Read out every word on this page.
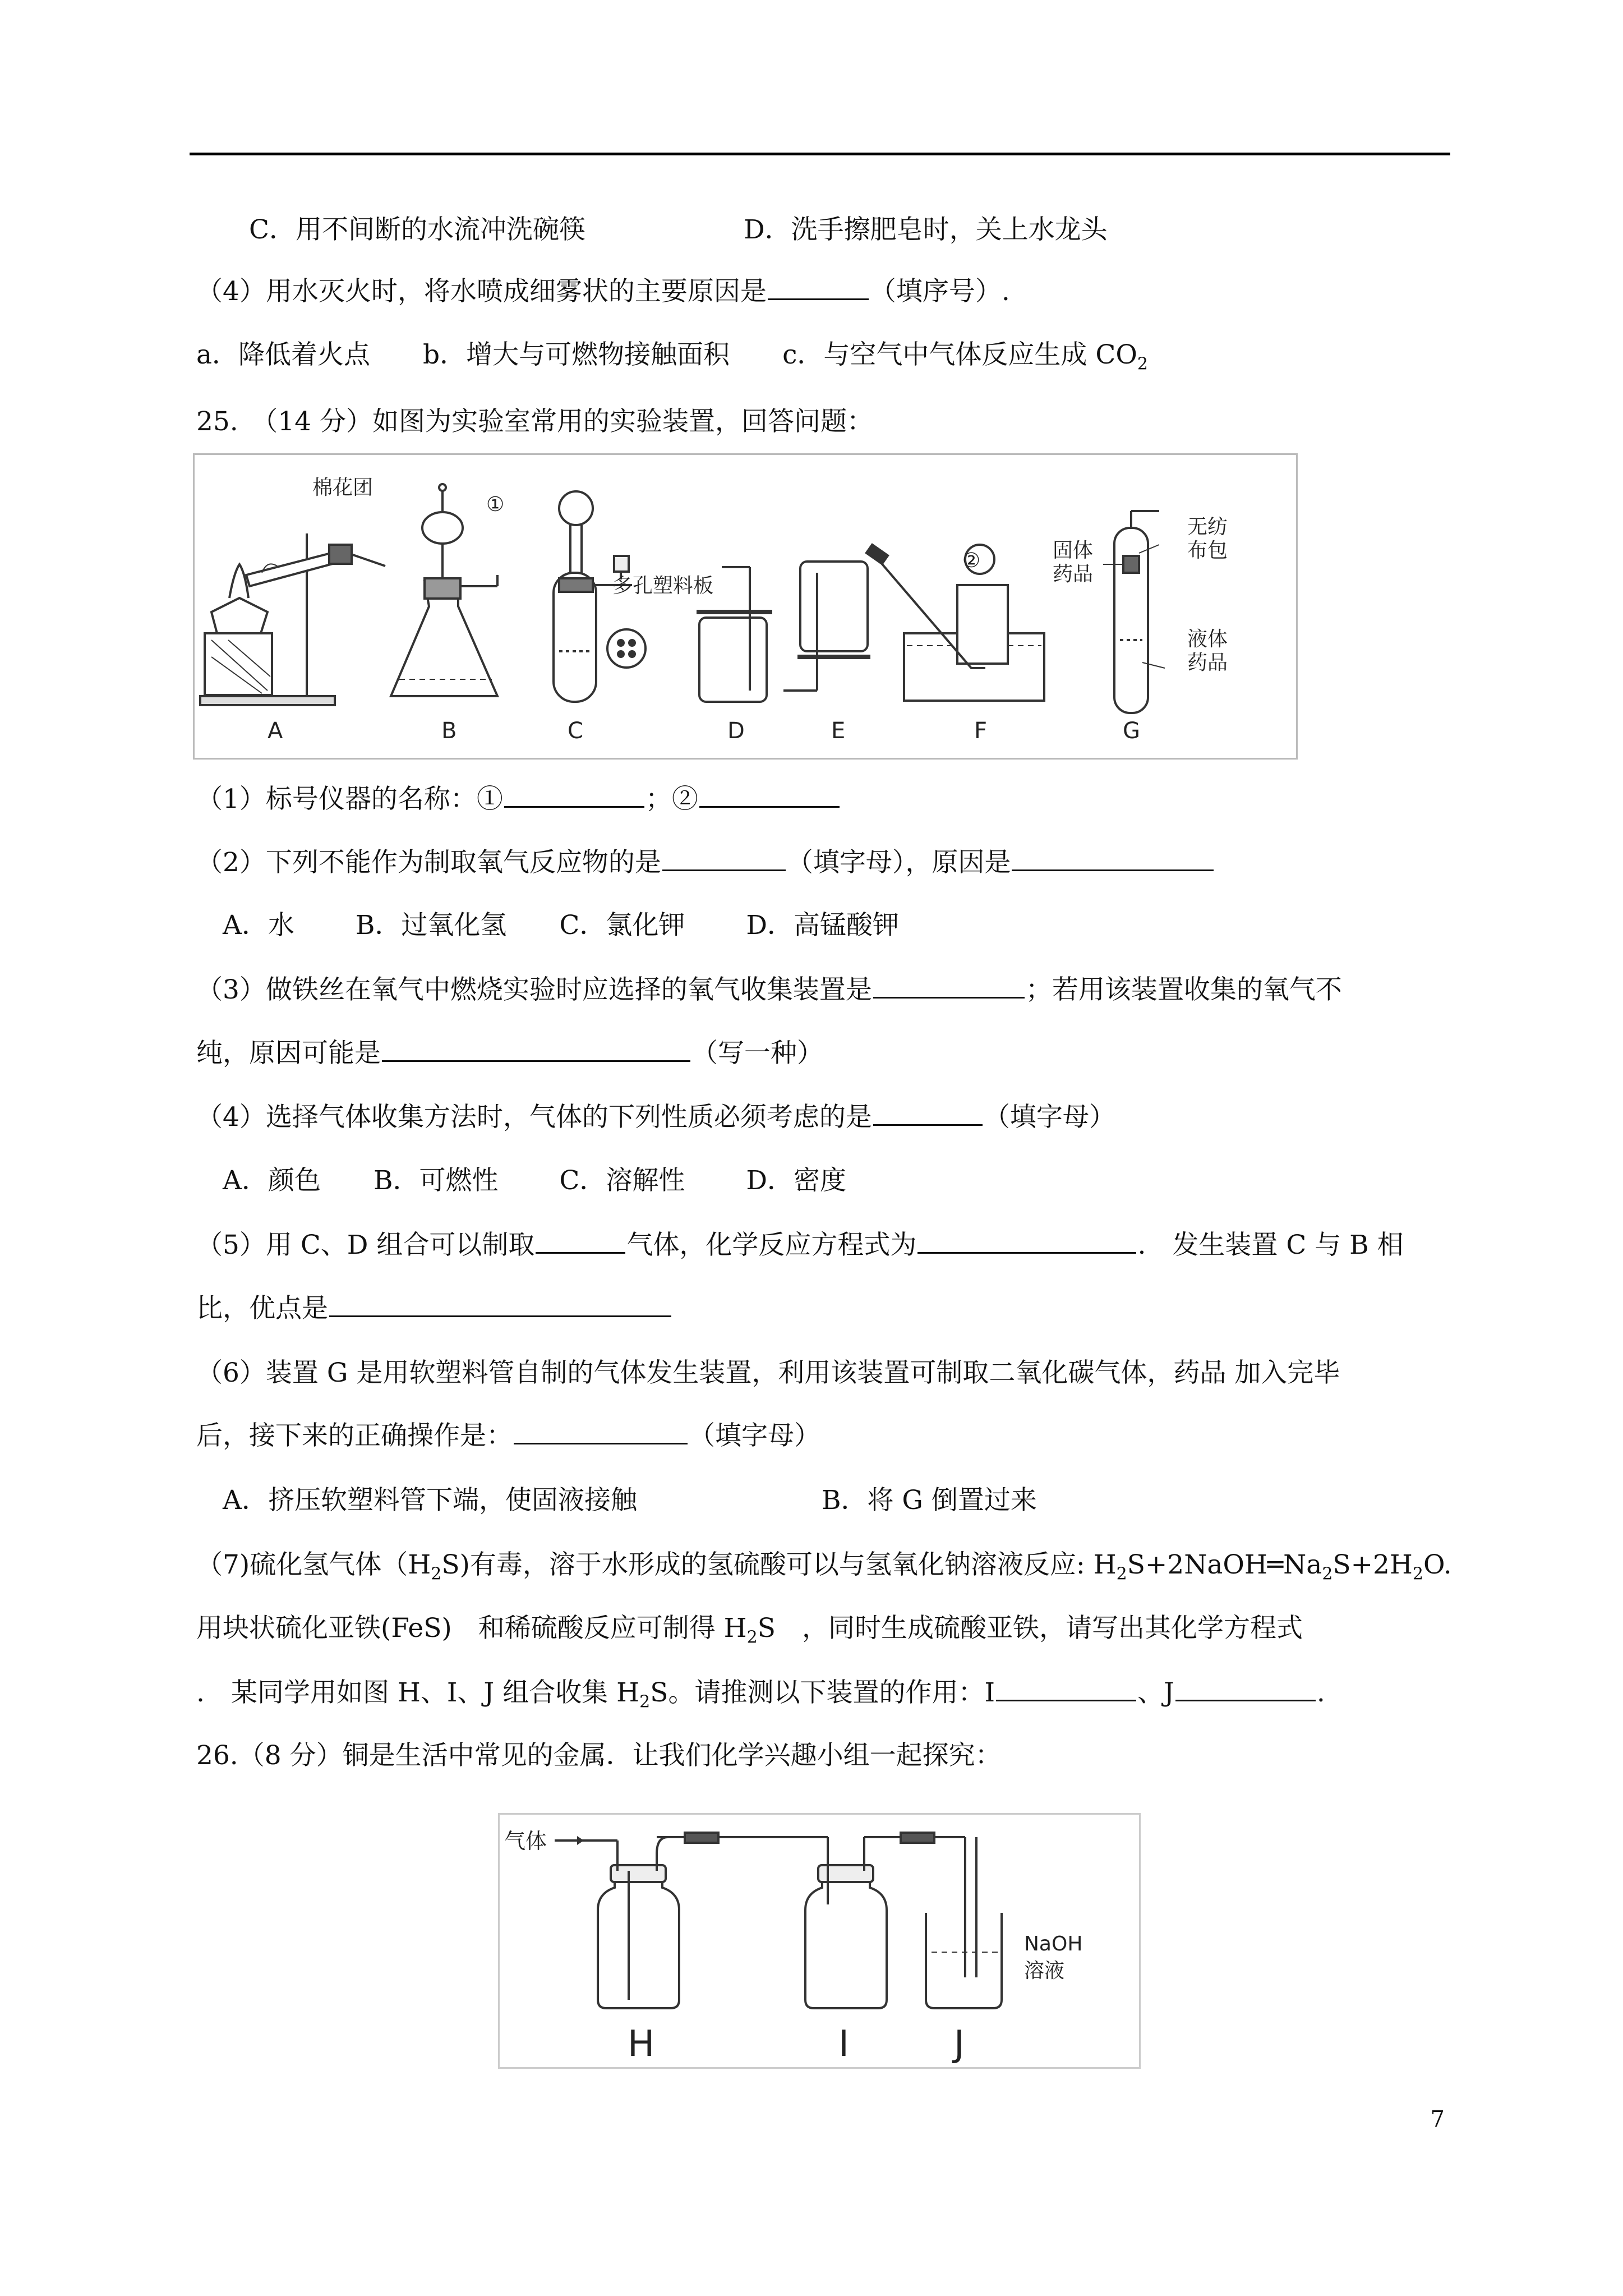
　　C．用不间断的水流冲洗碗筷　　　　　　D．洗手擦肥皂时，关上水龙头
（4）用水灭火时，将水喷成细雾状的主要原因是	（填序号）.
a．降低着火点　　b．增大与可燃物接触面积　　c．与空气中气体反应生成 $CO_2$
25.　（14 分）如图为实验室常用的实验装置，回答问题：
棉花团
①
多孔塑料板
②
无纺
布包
固体
药品
液体
药品
A	B	C	D	E	F	G
（1）标号仪器的名称：①	；②
（2）下列不能作为制取氧气反应物的是	（填字母），原因是
　A．水　　 B．过氧化氢　　C．氯化钾　　 D．高锰酸钾
（3）做铁丝在氧气中燃烧实验时应选择的氧气收集装置是	；若用该装置收集的氧气不
纯，原因可能是	（写一种）
（4）选择气体收集方法时，气体的下列性质必须考虑的是	（填字母）
　A．颜色　　B．可燃性　　 C．溶解性　　 D．密度
（5）用 C、D 组合可以制取	气体，化学反应方程式为	.　发生装置 C 与 B 相
比，优点是
（6）装置 G 是用软塑料管自制的气体发生装置，利用该装置可制取二氧化碳气体，药品 加入完毕
后，接下来的正确操作是：	（填字母）
　A．挤压软塑料管下端，使固液接触　　　　　　　B．将 G 倒置过来
（7)硫化氢气体$(H_2S)$有毒，溶于水形成的氢硫酸可以与氢氧化钠溶液反应: $H_2S+2NaOH═Na_2S+2H_2O$.
用块状硫化亚铁(FeS)　和稀硫酸反应可制得 $H_2S$　，同时生成硫酸亚铁，请写出其化学方程式
.　某同学用如图 H、I、J 组合收集 $H_2S$。请推测以下装置的作用：I	、J	.
26.（8 分）铜是生活中常见的金属．让我们化学兴趣小组一起探究：
气体
NaOH
溶液
H	I	J
7
